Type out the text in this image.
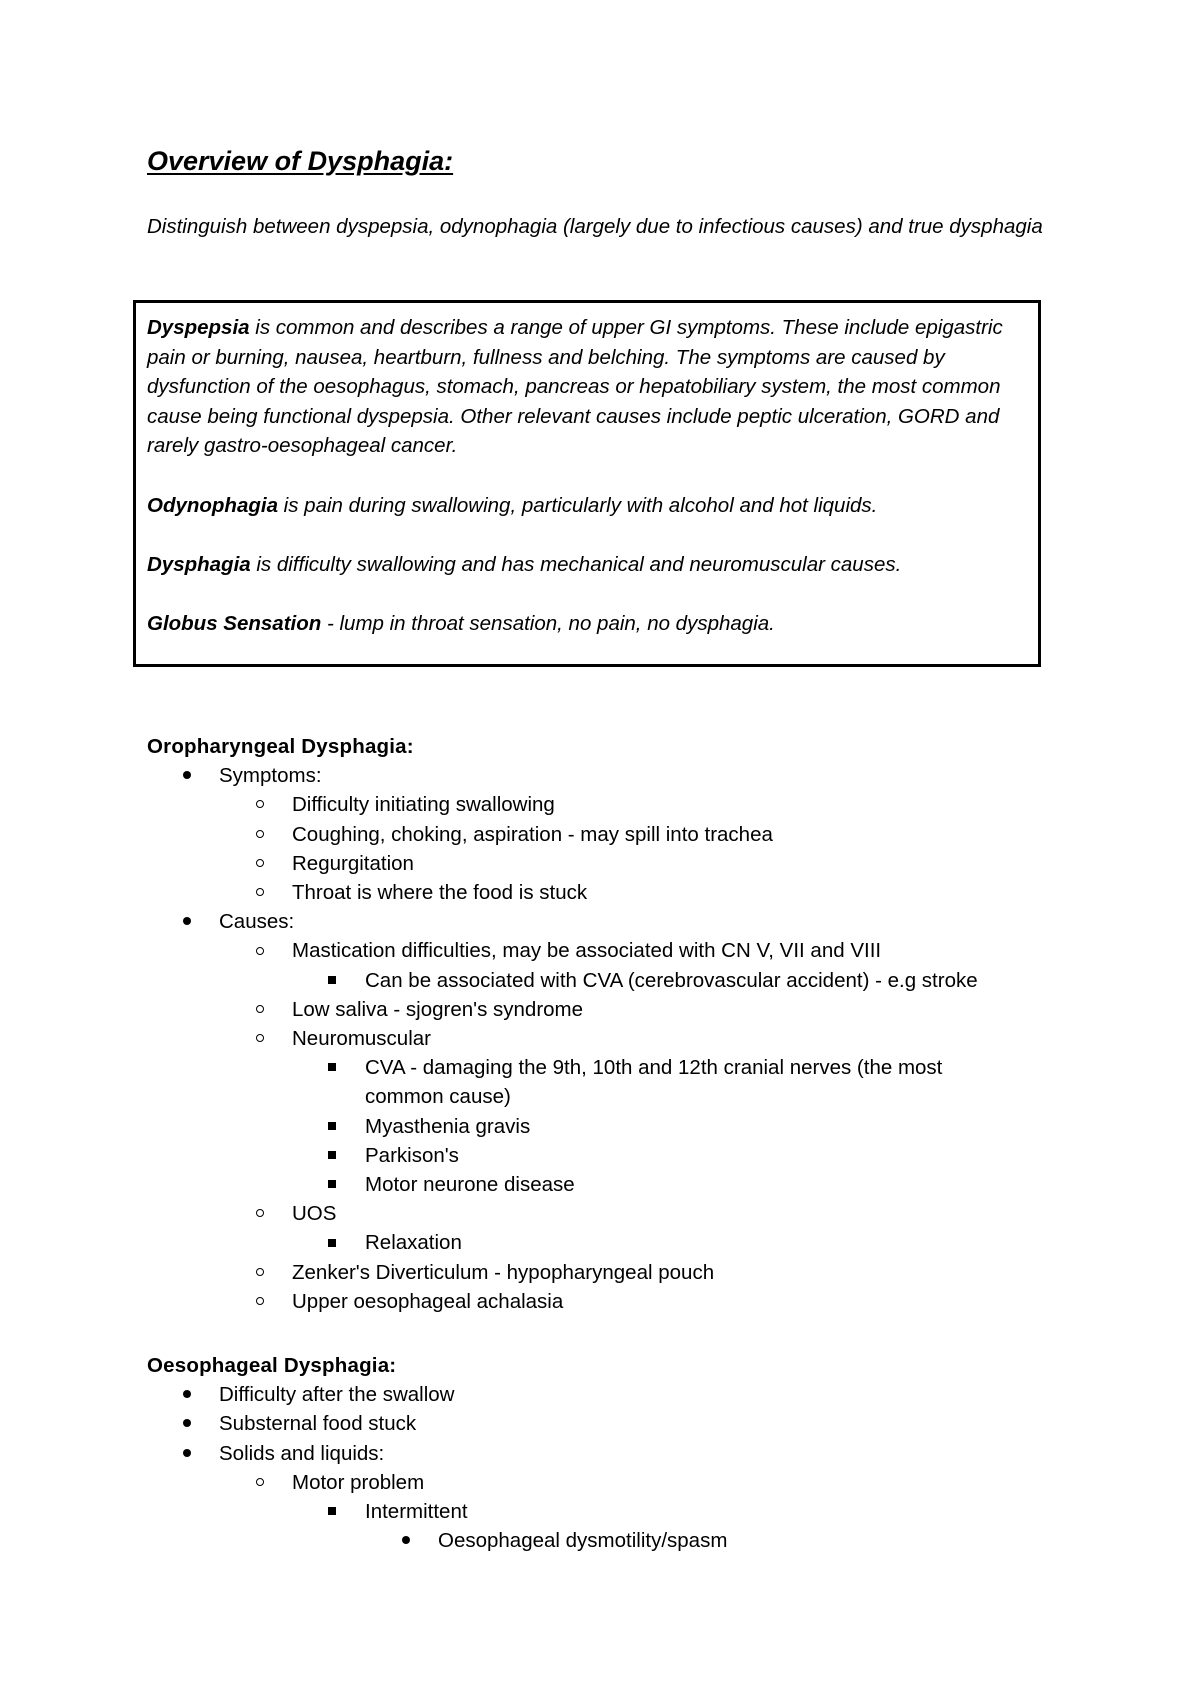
Overview of Dysphagia:

Distinguish between dyspepsia, odynophagia (largely due to infectious causes) and true dysphagia

Dyspepsia is common and describes a range of upper GI symptoms. These include epigastric pain or burning, nausea, heartburn, fullness and belching. The symptoms are caused by dysfunction of the oesophagus, stomach, pancreas or hepatobiliary system, the most common cause being functional dyspepsia. Other relevant causes include peptic ulceration, GORD and rarely gastro-oesophageal cancer.

Odynophagia is pain during swallowing, particularly with alcohol and hot liquids.

Dysphagia is difficulty swallowing and has mechanical and neuromuscular causes.

Globus Sensation - lump in throat sensation, no pain, no dysphagia.

Oropharyngeal Dysphagia:

Symptoms:
Difficulty initiating swallowing
Coughing, choking, aspiration - may spill into trachea
Regurgitation
Throat is where the food is stuck
Causes:
Mastication difficulties, may be associated with CN V, VII and VIII
Can be associated with CVA (cerebrovascular accident) - e.g stroke
Low saliva - sjogren's syndrome
Neuromuscular
CVA - damaging the 9th, 10th and 12th cranial nerves (the most common cause)
Myasthenia gravis
Parkison's
Motor neurone disease
UOS
Relaxation
Zenker's Diverticulum - hypopharyngeal pouch
Upper oesophageal achalasia

Oesophageal Dysphagia:

Difficulty after the swallow
Substernal food stuck
Solids and liquids:
Motor problem
Intermittent
Oesophageal dysmotility/spasm
